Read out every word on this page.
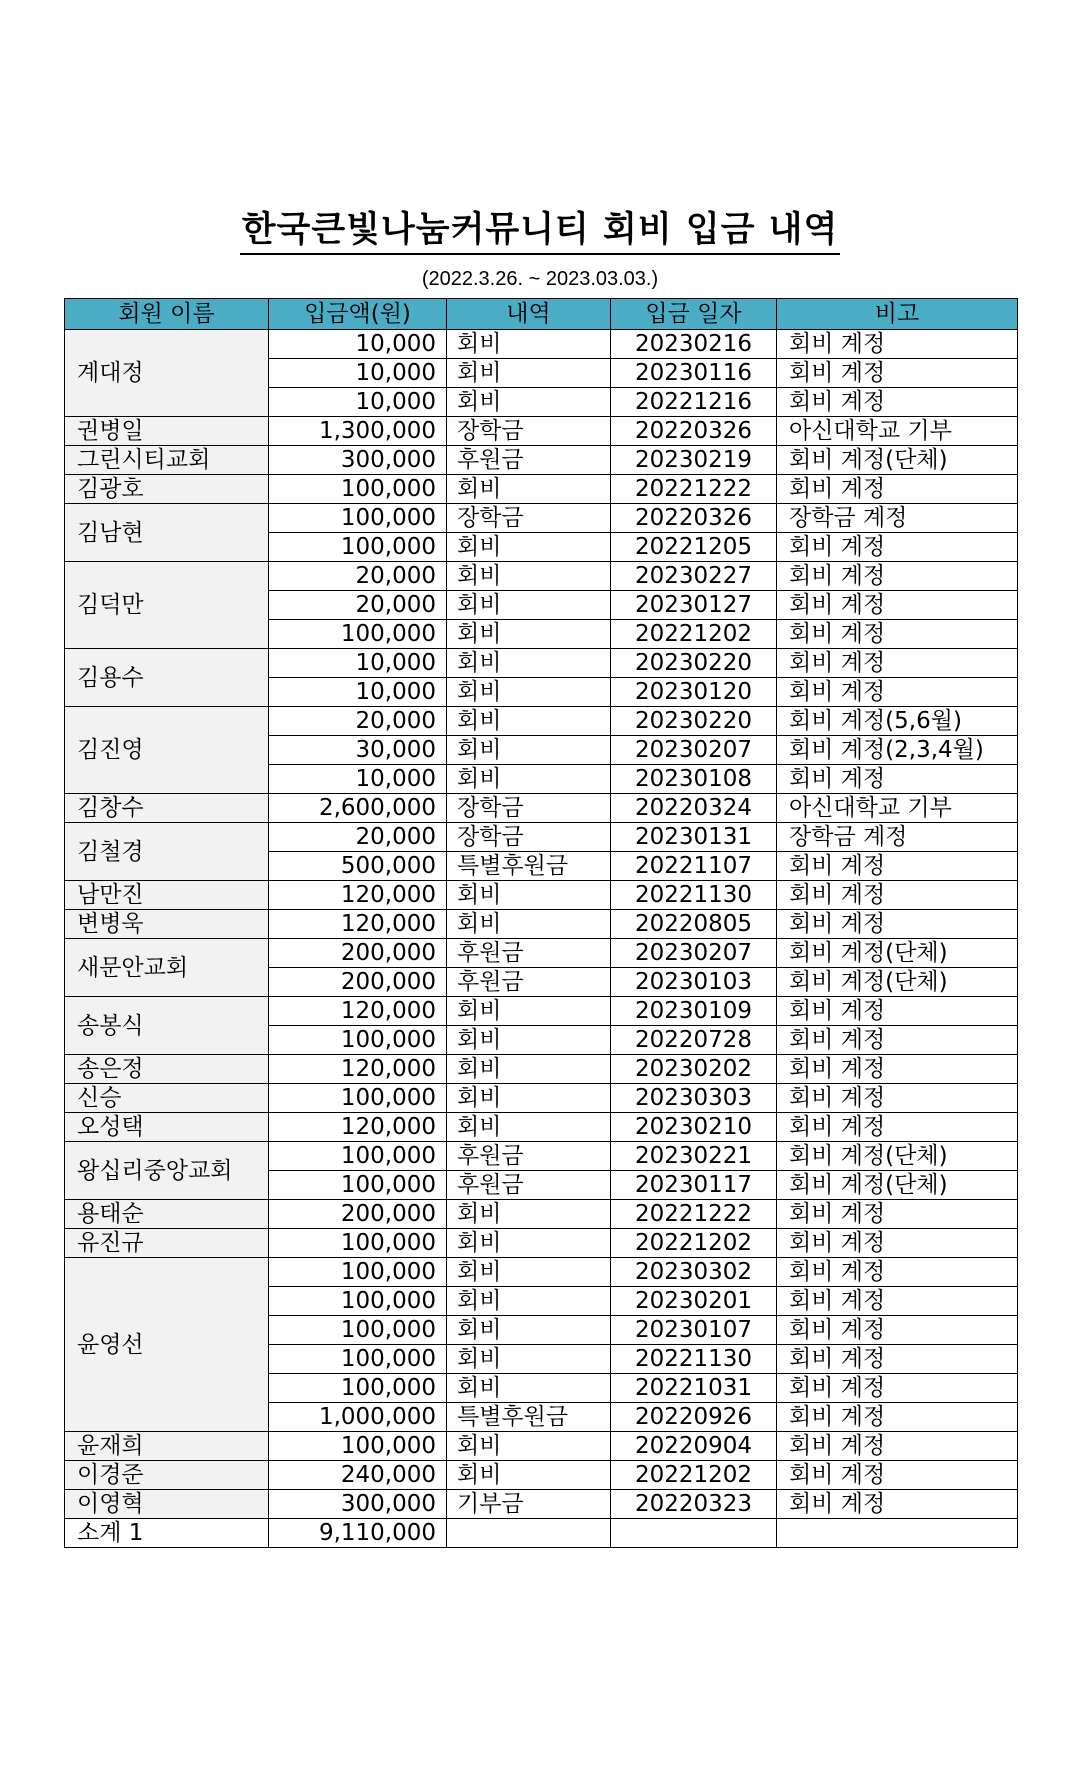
한국큰빛나눔커뮤니티 회비 입금 내역
(2022.3.26. ~ 2023.03.03.)
회원 이름	입금액(원)	내역	입금 일자	비고
계대정	10,000	회비	20230216	회비 계정
	10,000	회비	20230116	회비 계정
	10,000	회비	20221216	회비 계정
권병일	1,300,000	장학금	20220326	아신대학교 기부
그린시티교회	300,000	후원금	20230219	회비 계정(단체)
김광호	100,000	회비	20221222	회비 계정
김남현	100,000	장학금	20220326	장학금 계정
	100,000	회비	20221205	회비 계정
김덕만	20,000	회비	20230227	회비 계정
	20,000	회비	20230127	회비 계정
	100,000	회비	20221202	회비 계정
김용수	10,000	회비	20230220	회비 계정
	10,000	회비	20230120	회비 계정
김진영	20,000	회비	20230220	회비 계정(5,6월)
	30,000	회비	20230207	회비 계정(2,3,4월)
	10,000	회비	20230108	회비 계정
김창수	2,600,000	장학금	20220324	아신대학교 기부
김철경	20,000	장학금	20230131	장학금 계정
	500,000	특별후원금	20221107	회비 계정
남만진	120,000	회비	20221130	회비 계정
변병욱	120,000	회비	20220805	회비 계정
새문안교회	200,000	후원금	20230207	회비 계정(단체)
	200,000	후원금	20230103	회비 계정(단체)
송봉식	120,000	회비	20230109	회비 계정
	100,000	회비	20220728	회비 계정
송은정	120,000	회비	20230202	회비 계정
신승	100,000	회비	20230303	회비 계정
오성택	120,000	회비	20230210	회비 계정
왕십리중앙교회	100,000	후원금	20230221	회비 계정(단체)
	100,000	후원금	20230117	회비 계정(단체)
용태순	200,000	회비	20221222	회비 계정
유진규	100,000	회비	20221202	회비 계정
윤영선	100,000	회비	20230302	회비 계정
	100,000	회비	20230201	회비 계정
	100,000	회비	20230107	회비 계정
	100,000	회비	20221130	회비 계정
	100,000	회비	20221031	회비 계정
	1,000,000	특별후원금	20220926	회비 계정
윤재희	100,000	회비	20220904	회비 계정
이경준	240,000	회비	20221202	회비 계정
이영혁	300,000	기부금	20220323	회비 계정
소계 1	9,110,000			
